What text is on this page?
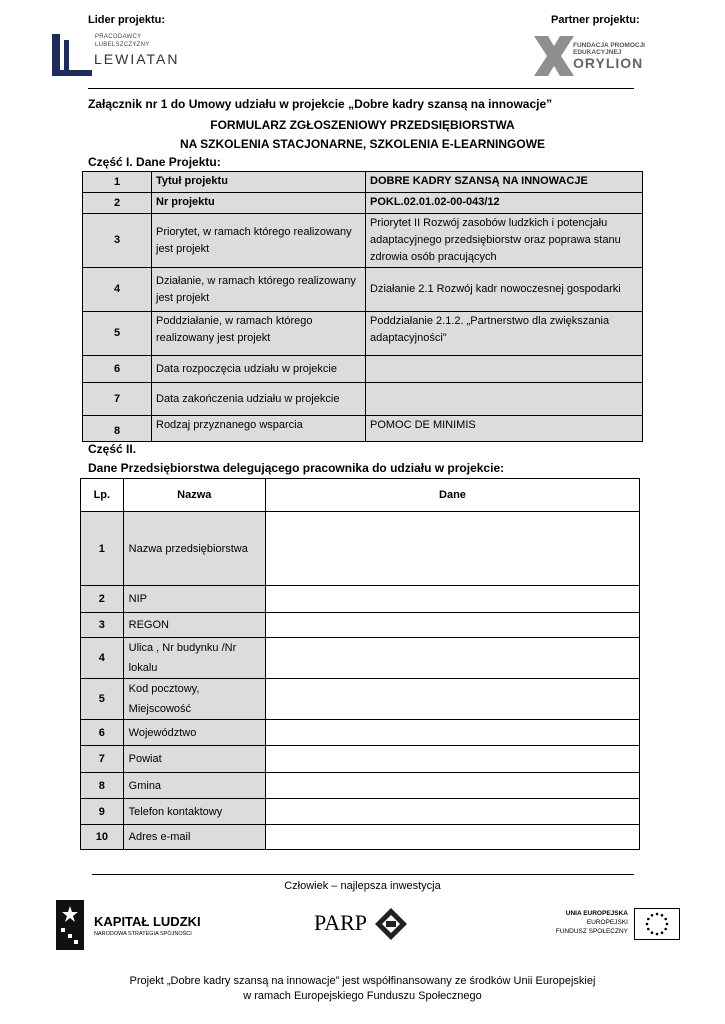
Lider projektu:	Partner projektu:
PRACODAWCY
LUBELSZCZYZNY
LEWIATAN
FUNDACJA PROMOCJI
EDUKACYJNEJ
ORYLION
Załącznik nr 1 do Umowy udziału w projekcie „Dobre kadry szansą na innowacje”
FORMULARZ ZGŁOSZENIOWY PRZEDSIĘBIORSTWA
NA SZKOLENIA STACJONARNE, SZKOLENIA E-LEARNINGOWE
Część I. Dane Projektu:
1	Tytuł projektu	DOBRE KADRY SZANSĄ NA INNOWACJE
2	Nr projektu	POKL.02.01.02-00-043/12
3	Priorytet, w ramach którego realizowany jest projekt	Priorytet II Rozwój zasobów ludzkich i potencjału adaptacyjnego przedsiębiorstw oraz poprawa stanu zdrowia osób pracujących
4	Działanie, w ramach którego realizowany jest projekt	Działanie 2.1 Rozwój kadr nowoczesnej gospodarki
5	Poddziałanie, w ramach którego realizowany jest projekt	Poddziałanie 2.1.2. „Partnerstwo dla zwiększania adaptacyjności"
6	Data rozpoczęcia udziału w projekcie	
7	Data zakończenia udziału w projekcie	
8	Rodzaj przyznanego wsparcia	POMOC DE MINIMIS
Część II.
Dane Przedsiębiorstwa delegującego pracownika do udziału w projekcie:
Lp.	Nazwa	Dane
1	Nazwa przedsiębiorstwa	
2	NIP	
3	REGON	
4	Ulica , Nr budynku /Nr lokalu	
5	Kod pocztowy, Miejscowość	
6	Województwo	
7	Powiat	
8	Gmina	
9	Telefon kontaktowy	
10	Adres e-mail	
Człowiek – najlepsza inwestycja
KAPITAŁ LUDZKI
NARODOWA STRATEGIA SPÓJNOŚCI	PARP	UNIA EUROPEJSKA
EUROPEJSKI
FUNDUSZ SPOŁECZNY
Projekt „Dobre kadry szansą na innowacje” jest współfinansowany ze środków Unii Europejskiej
w ramach Europejskiego Funduszu Społecznego
